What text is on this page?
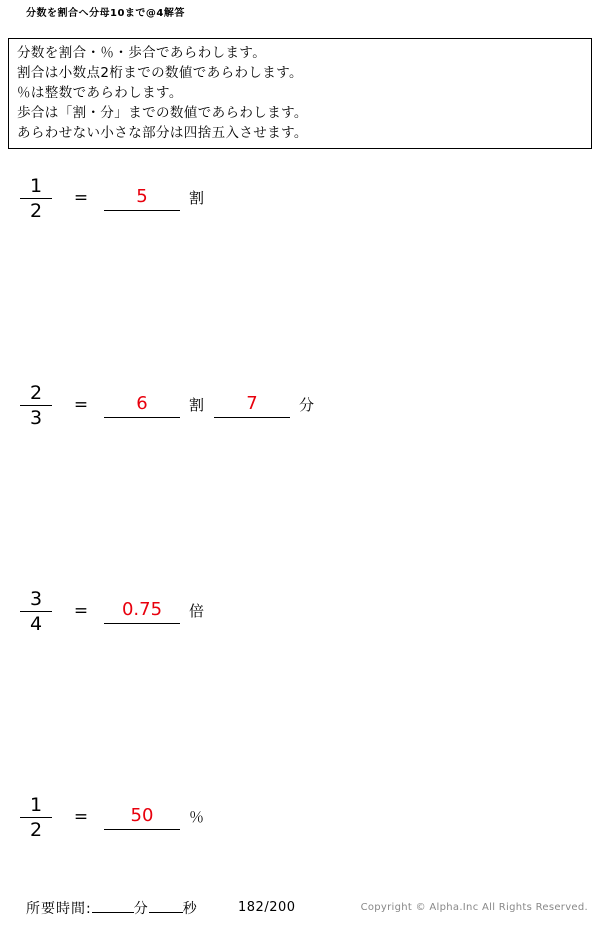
分数を割合へ分母10まで@4解答
分数を割合・％・歩合であらわします。
割合は小数点2桁までの数値であらわします。
％は整数であらわします。
歩合は「割・分」までの数値であらわします。
あらわせない小さな部分は四捨五入させます。
$\frac{1}{2}$ =	5	割
$\frac{2}{3}$ =	6	割	7	分
$\frac{3}{4}$ =	0.75	倍
$\frac{1}{2}$ =	50	％
所要時間:	分 秒	182/200	Copyright © Alpha.Inc All Rights Reserved.
